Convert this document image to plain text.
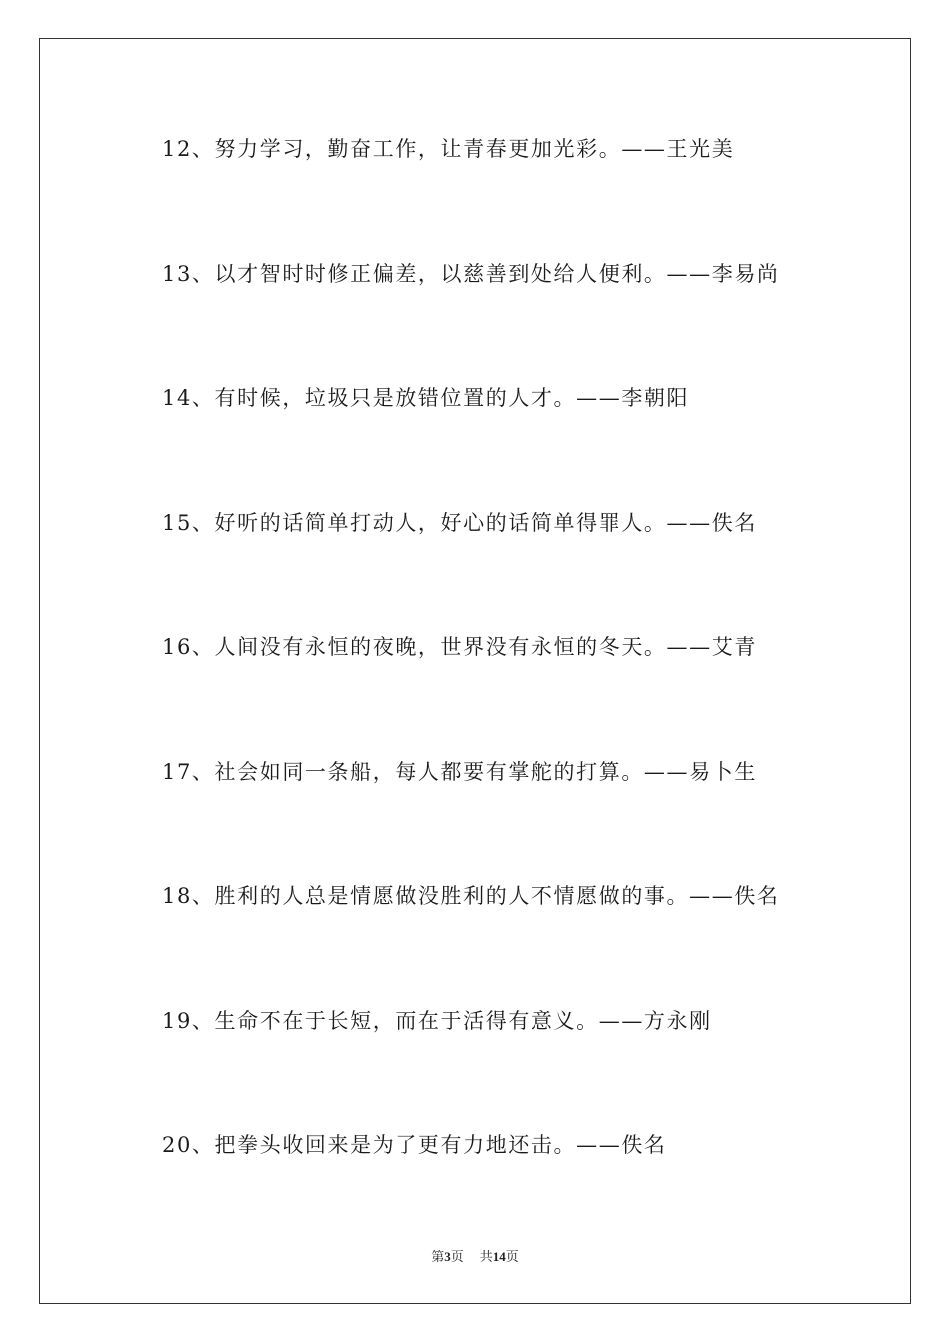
12、努力学习，勤奋工作，让青春更加光彩。——王光美
13、以才智时时修正偏差，以慈善到处给人便利。——李易尚
14、有时候，垃圾只是放错位置的人才。——李朝阳
15、好听的话简单打动人，好心的话简单得罪人。——佚名
16、人间没有永恒的夜晚，世界没有永恒的冬天。——艾青
17、社会如同一条船，每人都要有掌舵的打算。——易卜生
18、胜利的人总是情愿做没胜利的人不情愿做的事。——佚名
19、生命不在于长短，而在于活得有意义。——方永刚
20、把拳头收回来是为了更有力地还击。——佚名
第3页 共14页
